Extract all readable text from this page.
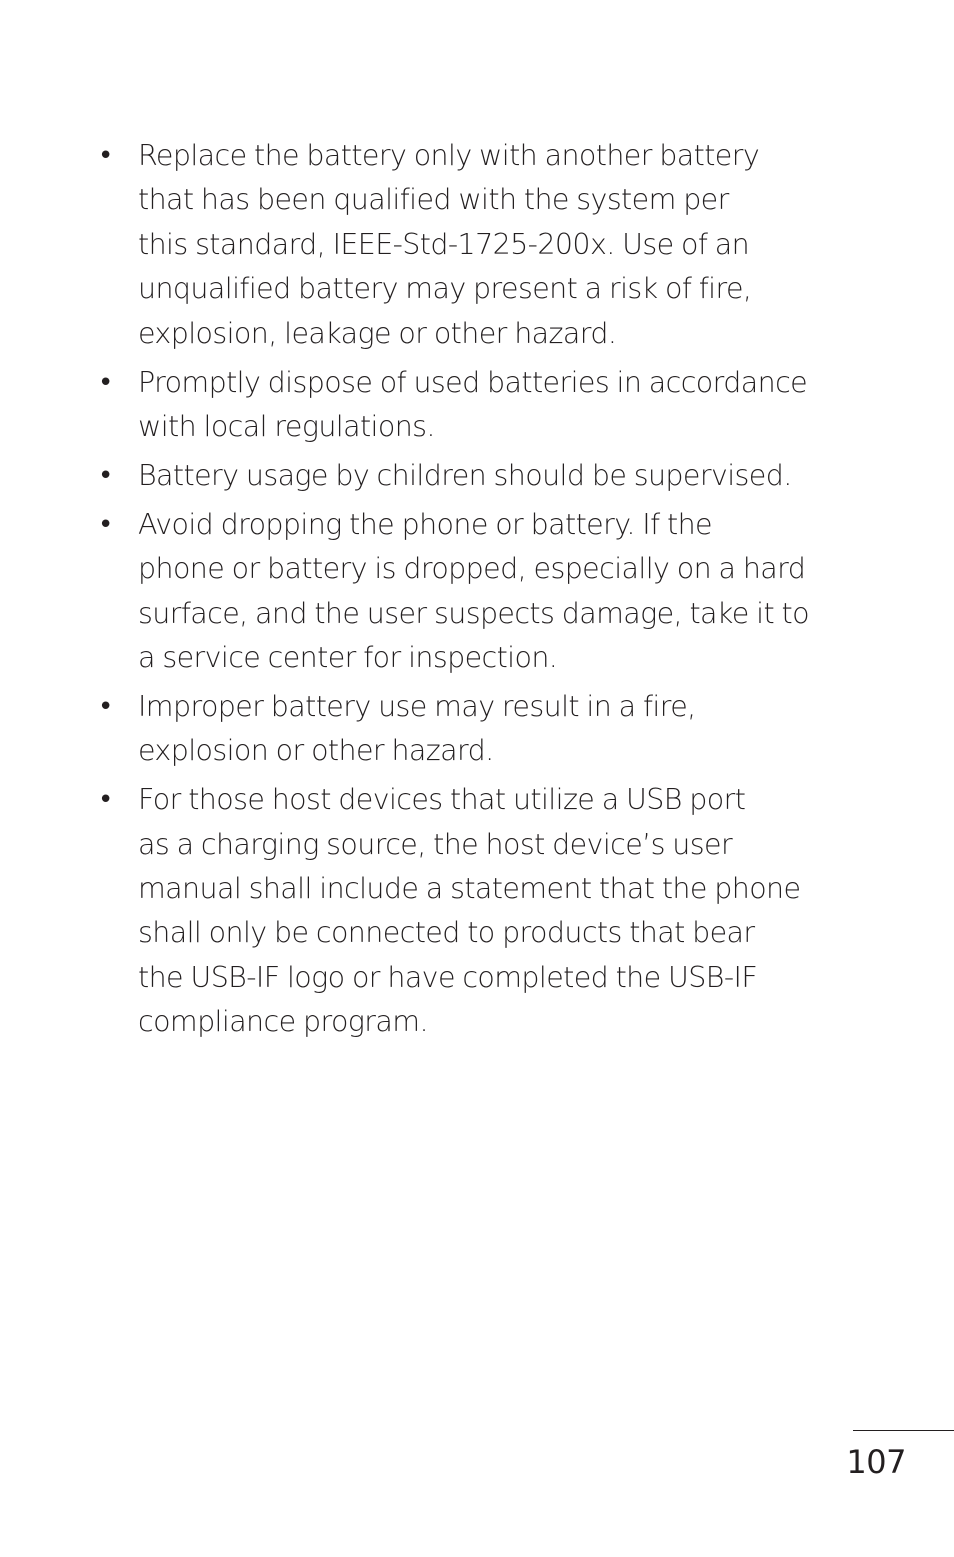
• Replace the battery only with another battery
that has been qualified with the system per
this standard, IEEE-Std-1725-200x. Use of an
unqualified battery may present a risk of fire,
explosion, leakage or other hazard.
• Promptly dispose of used batteries in accordance
with local regulations.
• Battery usage by children should be supervised.
• Avoid dropping the phone or battery. If the
phone or battery is dropped, especially on a hard
surface, and the user suspects damage, take it to
a service center for inspection.
• Improper battery use may result in a fire,
explosion or other hazard.
• For those host devices that utilize a USB port
as a charging source, the host device’s user
manual shall include a statement that the phone
shall only be connected to products that bear
the USB-IF logo or have completed the USB-IF
compliance program.
107
